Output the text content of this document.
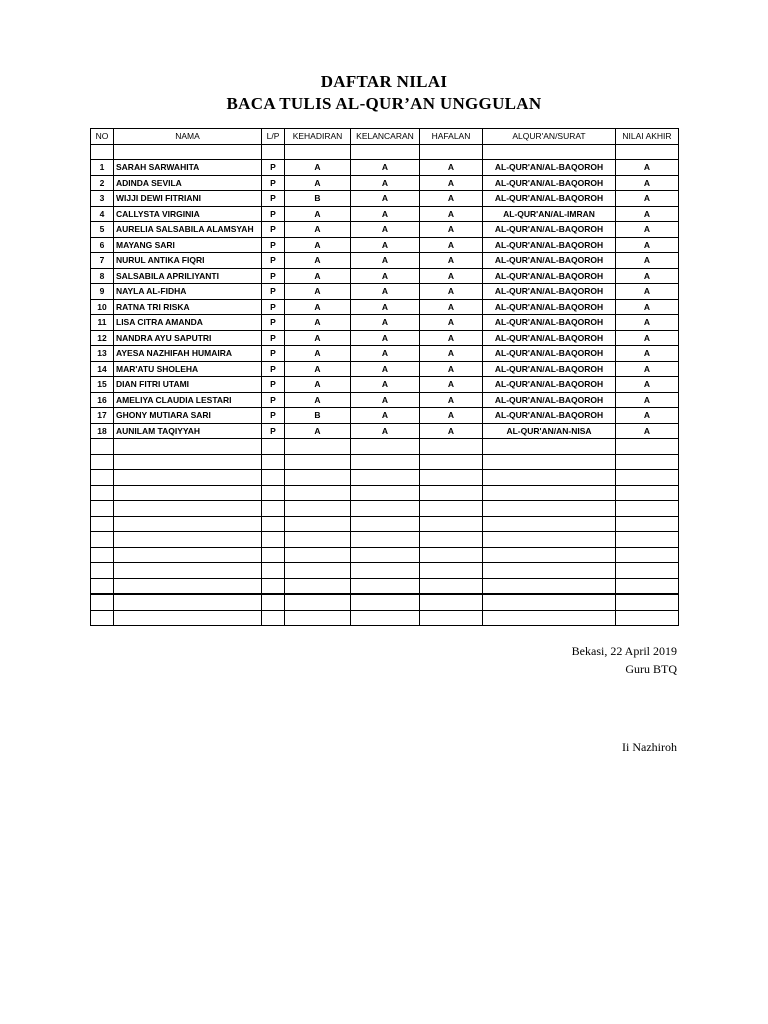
DAFTAR NILAI
BACA TULIS AL-QUR’AN UNGGULAN
NO	NAMA	L/P	KEHADIRAN	KELANCARAN	HAFALAN	ALQUR'AN/SURAT	NILAI AKHIR

1	SARAH SARWAHITA	P	A	A	A	AL-QUR'AN/AL-BAQOROH	A
2	ADINDA SEVILA	P	A	A	A	AL-QUR'AN/AL-BAQOROH	A
3	WIJJI DEWI FITRIANI	P	B	A	A	AL-QUR'AN/AL-BAQOROH	A
4	CALLYSTA VIRGINIA	P	A	A	A	AL-QUR'AN/AL-IMRAN	A
5	AURELIA SALSABILA ALAMSYAH	P	A	A	A	AL-QUR'AN/AL-BAQOROH	A
6	MAYANG SARI	P	A	A	A	AL-QUR'AN/AL-BAQOROH	A
7	NURUL ANTIKA FIQRI	P	A	A	A	AL-QUR'AN/AL-BAQOROH	A
8	SALSABILA APRILIYANTI	P	A	A	A	AL-QUR'AN/AL-BAQOROH	A
9	NAYLA AL-FIDHA	P	A	A	A	AL-QUR'AN/AL-BAQOROH	A
10	RATNA TRI RISKA	P	A	A	A	AL-QUR'AN/AL-BAQOROH	A
11	LISA CITRA AMANDA	P	A	A	A	AL-QUR'AN/AL-BAQOROH	A
12	NANDRA AYU SAPUTRI	P	A	A	A	AL-QUR'AN/AL-BAQOROH	A
13	AYESA NAZHIFAH HUMAIRA	P	A	A	A	AL-QUR'AN/AL-BAQOROH	A
14	MAR'ATU SHOLEHA	P	A	A	A	AL-QUR'AN/AL-BAQOROH	A
15	DIAN FITRI UTAMI	P	A	A	A	AL-QUR'AN/AL-BAQOROH	A
16	AMELIYA CLAUDIA LESTARI	P	A	A	A	AL-QUR'AN/AL-BAQOROH	A
17	GHONY MUTIARA SARI	P	B	A	A	AL-QUR'AN/AL-BAQOROH	A
18	AUNILAM TAQIYYAH	P	A	A	A	AL-QUR'AN/AN-NISA	A

Bekasi, 22 April 2019
Guru BTQ
Ii Nazhiroh
